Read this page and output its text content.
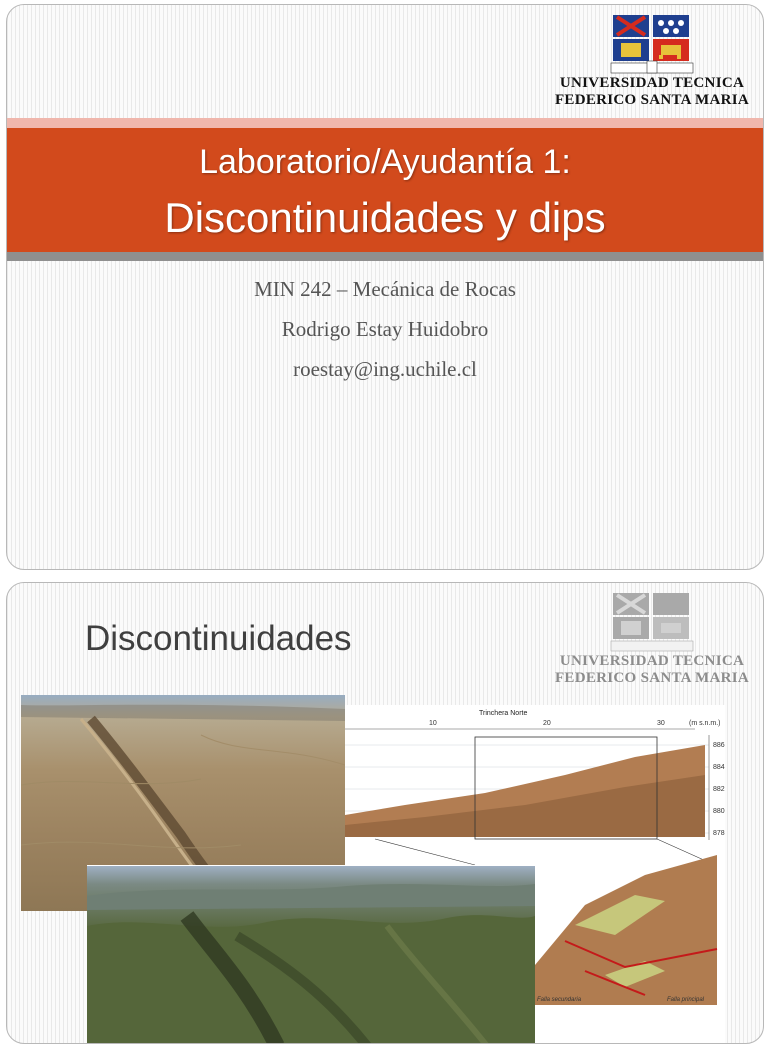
UNIVERSIDAD TECNICA
FEDERICO SANTA MARIA
Laboratorio/Ayudantía 1:
Discontinuidades y dips
MIN 242 – Mecánica de Rocas
Rodrigo Estay Huidobro
roestay@ing.uchile.cl
UNIVERSIDAD TECNICA
FEDERICO SANTA MARIA
Discontinuidades
Trinchera Norte
10	20	30	(m s.n.m.)
886
884
882
880
878
Falla secundaria	Falla principal
